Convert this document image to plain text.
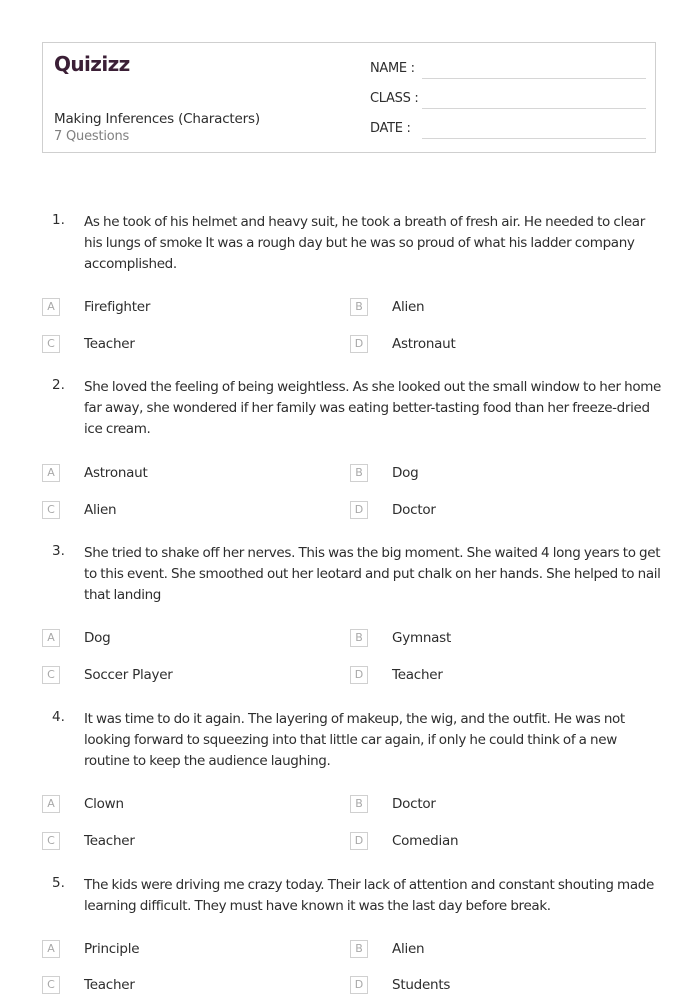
Quizizz
Making Inferences (Characters)
7 Questions
NAME :
CLASS :
DATE :
1. As he took of his helmet and heavy suit, he took a breath of fresh air. He needed to clear his lungs of smoke It was a rough day but he was so proud of what his ladder company accomplished.
A	Firefighter	B	Alien
C	Teacher	D	Astronaut
2. She loved the feeling of being weightless. As she looked out the small window to her home far away, she wondered if her family was eating better-tasting food than her freeze-dried ice cream.
A	Astronaut	B	Dog
C	Alien	D	Doctor
3. She tried to shake off her nerves. This was the big moment. She waited 4 long years to get to this event. She smoothed out her leotard and put chalk on her hands. She helped to nail that landing
A	Dog	B	Gymnast
C	Soccer Player	D	Teacher
4. It was time to do it again. The layering of makeup, the wig, and the outfit. He was not looking forward to squeezing into that little car again, if only he could think of a new routine to keep the audience laughing.
A	Clown	B	Doctor
C	Teacher	D	Comedian
5. The kids were driving me crazy today. Their lack of attention and constant shouting made learning difficult. They must have known it was the last day before break.
A	Principle	B	Alien
C	Teacher	D	Students
